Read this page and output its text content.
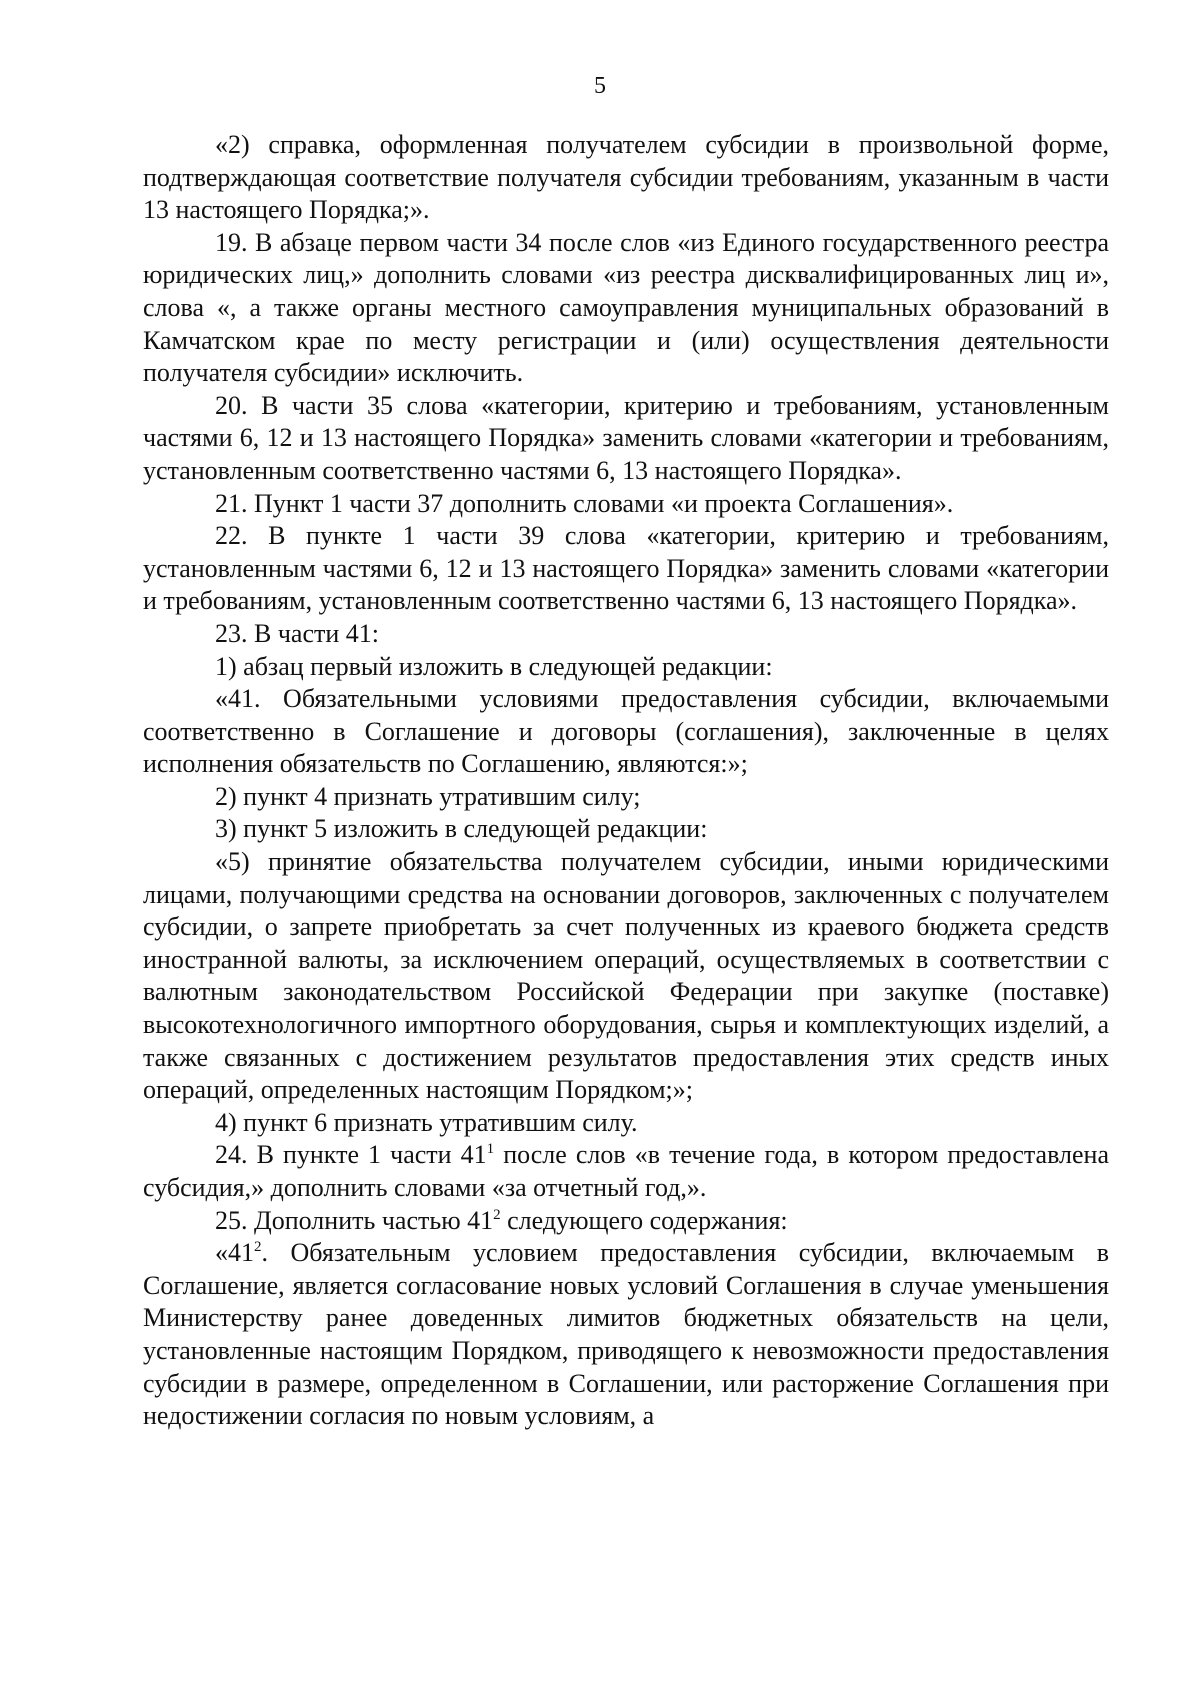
5

«2) справка, оформленная получателем субсидии в произвольной форме, подтверждающая соответствие получателя субсидии требованиям, указанным в части 13 настоящего Порядка;».

19. В абзаце первом части 34 после слов «из Единого государственного реестра юридических лиц,» дополнить словами «из реестра дисквалифицированных лиц и», слова «, а также органы местного самоуправления муниципальных образований в Камчатском крае по месту регистрации и (или) осуществления деятельности получателя субсидии» исключить.

20. В части 35 слова «категории, критерию и требованиям, установленным частями 6, 12 и 13 настоящего Порядка» заменить словами «категории и требованиям, установленным соответственно частями 6, 13 настоящего Порядка».

21. Пункт 1 части 37 дополнить словами «и проекта Соглашения».

22. В пункте 1 части 39 слова «категории, критерию и требованиям, установленным частями 6, 12 и 13 настоящего Порядка» заменить словами «категории и требованиям, установленным соответственно частями 6, 13 настоящего Порядка».

23. В части 41:

1) абзац первый изложить в следующей редакции:

«41. Обязательными условиями предоставления субсидии, включаемыми соответственно в Соглашение и договоры (соглашения), заключенные в целях исполнения обязательств по Соглашению, являются:»;

2) пункт 4 признать утратившим силу;

3) пункт 5 изложить в следующей редакции:

«5) принятие обязательства получателем субсидии, иными юридическими лицами, получающими средства на основании договоров, заключенных с получателем субсидии, о запрете приобретать за счет полученных из краевого бюджета средств иностранной валюты, за исключением операций, осуществляемых в соответствии с валютным законодательством Российской Федерации при закупке (поставке) высокотехнологичного импортного оборудования, сырья и комплектующих изделий, а также связанных с достижением результатов предоставления этих средств иных операций, определенных настоящим Порядком;»;

4) пункт 6 признать утратившим силу.

24. В пункте 1 части $41^1$ после слов «в течение года, в котором предоставлена субсидия,» дополнить словами «за отчетный год,».

25. Дополнить частью $41^2$ следующего содержания:

«$41^2$. Обязательным условием предоставления субсидии, включаемым в Соглашение, является согласование новых условий Соглашения в случае уменьшения Министерству ранее доведенных лимитов бюджетных обязательств на цели, установленные настоящим Порядком, приводящего к невозможности предоставления субсидии в размере, определенном в Соглашении, или расторжение Соглашения при недостижении согласия по новым условиям, а
